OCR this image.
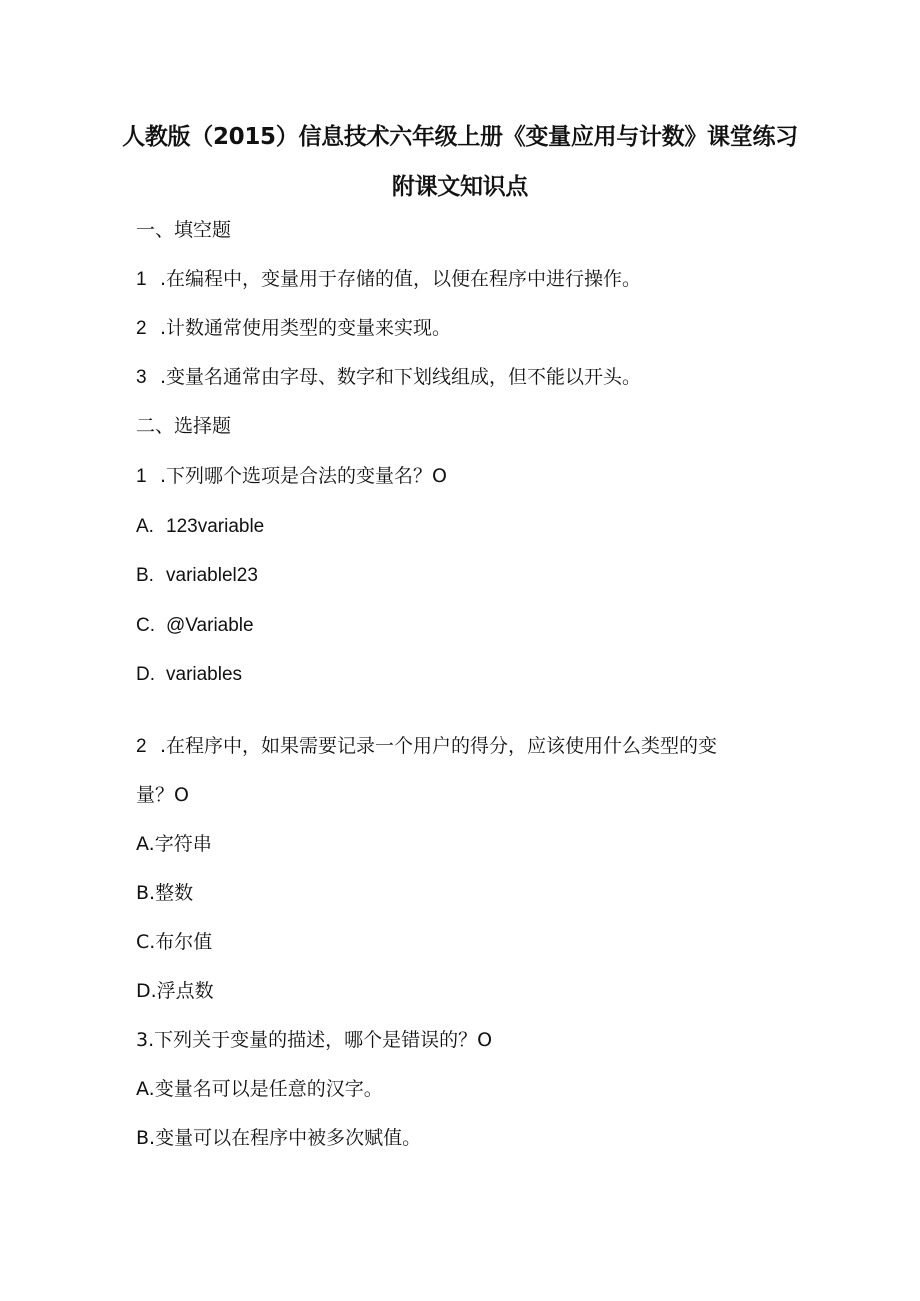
人教版（2015）信息技术六年级上册《变量应用与计数》课堂练习
附课文知识点
一、填空题
1 .在编程中，变量用于存储的值，以便在程序中进行操作。
2 .计数通常使用类型的变量来实现。
3 .变量名通常由字母、数字和下划线组成，但不能以开头。
二、选择题
1 .下列哪个选项是合法的变量名？O
A. 123variable
B. variablel23
C. @Variable
D. variables
2 .在程序中，如果需要记录一个用户的得分，应该使用什么类型的变
量？O
A.字符串
B.整数
C.布尔值
D.浮点数
3.下列关于变量的描述，哪个是错误的？O
A.变量名可以是任意的汉字。
B.变量可以在程序中被多次赋值。
